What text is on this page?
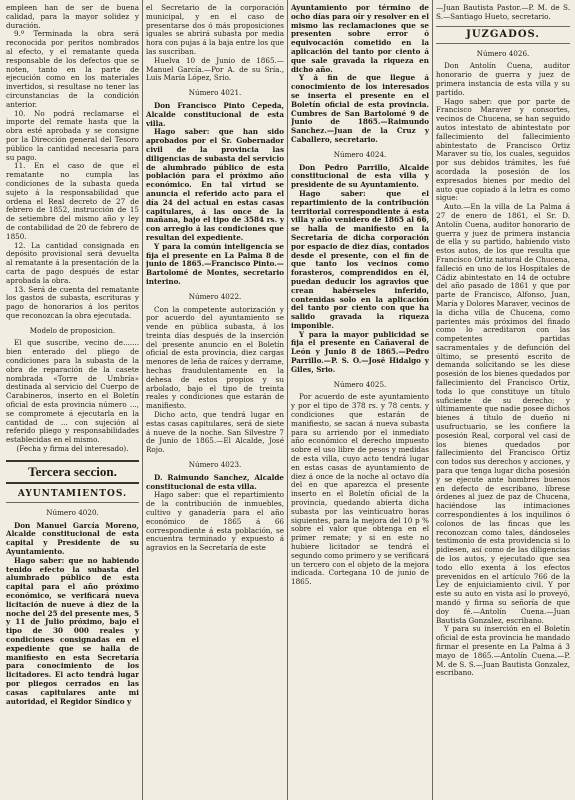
empleen han de ser de buena calidad, para la mayor solidez y duración.

9.º Terminada la obra será reconocida por peritos nombrados al efecto, y el rematante queda responsable de los defectos que se noten, tanto en la parte de ejecución como en los materiales invertidos, si resultase no tener las circunstancias de la condición anterior.

10. No podrá reclamarse el importe del remate hasta que la obra esté aprobada y se consigne por la Dirección general del Tesoro público la cantidad necesaria para su pago.

11. En el caso de que el rematante no cumpla las condiciones de la subasta queda sujeto á la responsabilidad que ordena el Real decreto de 27 de febrero de 1852, instrucción de 15 de setiembre del mismo año y ley de contabilidad de 20 de febrero de 1850.

12. La cantidad consignada en depósito provisional será devuelta al rematante á la presentación de la carta de pago después de estar aprobada la obra.

13. Será de cuenta del rematante los gastos de subasta, escrituras y pago de honorarios á los peritos que reconozcan la obra ejecutada.

Modelo de proposicion.

El que suscribe, vecino de....... bien enterado del pliego de condiciones para la subasta de la obra de reparación de la casete nombrada «Torre de Umbría» destinada al servicio del Cuerpo de Carabineros, inserto en el Boletín oficial de esta provincia número ..., se compromete á ejecutarla en la cantidad de ... con sujeción al referido pliego y responsabilidades establecidas en el mismo.

(Fecha y firma del interesado).

Tercera seccion.
AYUNTAMIENTOS.

Número 4020.

Don Manuel García Moreno, Alcalde constitucional de esta capital y Presidente de su Ayuntamiento.

Hago saber: que no habiendo tenido efecto la subasta del alumbrado público de esta capital para el año próximo económico, se verificará nueva licitación de nueve á diez de la noche del 25 del presente mes, 5 y 11 de Julio próximo, bajo el tipo de 30 000 reales y condiciones consignadas en el expediente que se halla de manifiesto en esta Secretaría para conocimiento de los licitadores. El acto tendrá lugar por pliegos cerrados en las casas capitulares ante mi autoridad, el Regidor Síndico y

el Secretario de la corporación municipal, y en el caso de presentarse dos ó más proposiciones iguales se abrirá subasta por media hora con pujas á la baja entre los que las suscriban.

Huelva 10 de Junio de 1865.—Manuel García.—Por A. de su Sría., Luis María López, Srio.

Número 4021.

Don Francisco Pinto Cepeda, Alcalde constitucional de esta villa.

Hago saber: que han sido aprobados por el Sr. Gobernador civil de la provincia las diligencias de subasta del servicio de alumbrado público de esta población para el próximo año económico. En tal virtud se anuncia el referido acto para el día 24 del actual en estas casas capitulares, á las once de la mañana, bajo el tipo de 3584 rs. y con arreglo á las condiciones que resultan del expediente.

Y para la común inteligencia se fija el presente en La Palma 8 de junio de 1865.—Francisco Pinto.—Bartolomé de Montes, secretario interino.

Número 4022.

Con la competente autorización y por acuerdo del ayuntamiento se vende en pública subasta, á los treinta días después de la inserción del presente anuncio en el Boletín oficial de esta provincia, diez cargas menores de leña de raíces y derrame, hechas fraudulentamente en la dehesa de estos propios y su arbolado, bajo el tipo de treinta reales y condiciones que estarán de manifiesto.

Dicho acto, que tendrá lugar en estas casas capitulares, será de siete á nueve de la noche. San Silvestre 7 de Junio de 1865.—El Alcalde, José Rojo.

Número 4023.

D. Raimundo Sanchez, Alcalde constitucional de esta villa.

Hago saber: que el repartimiento de la contribución de inmuebles, cultivo y ganadería para el año económico de 1865 á 66 correspondiente á esta población, se encuentra terminado y expuesto á agravios en la Secretaría de este

Ayuntamiento por término de ocho días para oír y resolver en el mismo las reclamaciones que se presenten sobre error ó equivocación cometido en la aplicación del tanto por ciento á que sale gravada la riqueza en dicho año.

Y á fin de que llegue á conocimiento de los interesados se inserta el presente en el Boletín oficial de esta provincia. Cumbres de San Bartolomé 9 de Junio de 1865.—Raimundo Sanchez.—Juan de la Cruz y Caballero, secretario.

Número 4024.

Don Pedro Parrillo, Alcalde constitucional de esta villa y presidente de su Ayuntamiento.

Hago saber: que el repartimiento de la contribución territorial correspondiente á esta villa y año venidero de 1865 al 66, se halla de manifiesto en la Secretaría de dicha corporación por espacio de diez días, contados desde el presente, con el fin de que tanto los vecinos como forasteros, comprendidos en él, puedan deducir los agravios que crean habérseles inferido, contenidas solo en la aplicación del tanto por ciento con que ha salido gravada la riqueza imponible.

Y para la mayor publicidad se fija el presente en Cañaveral de León y Junio 8 de 1865.—Pedro Parrillo.—P. S. O.—José Hidalgo y Giles, Srio.

Número 4025.

Por acuerdo de este ayuntamiento y por el tipo de 378 rs. y 78 cents. y condiciones que estarán de manifiesto, se sacan á nueva subasta para su arriendo por el inmediato año económico el derecho impuesto sobre el uso libre de pesos y medidas de esta villa, cuyo acto tendrá lugar en estas casas de ayuntamiento de diez á once de la noche al octavo día del en que aparezca el presente inserto en el Boletín oficial de la provincia, quedando abierta dicha subasta por las veinticuatro horas siguientes, para la mejora del 10 p % sobre el valor que obtenga en el primer remate; y si en este no hubiere licitador se tendrá el segundo como primero y se verificará un tercero con el objeto de la mejora indicada. Cortegana 10 de junio de 1865.

—Juan Bautista Pastor.—P. M. de S. S.—Santiago Hueto, secretario.

JUZGADOS.

Número 4026.

Don Antolín Cuena, auditor honorario de guerra y juez de primera instancia de esta villa y su partido.

Hago saber: que por parte de Francisco Maraver y consortes, vecinos de Chucena, se han seguido autos intestato de abintestato por fallecimiento del fallecimiento abintestato de Francisco Ortiz Maraver su tío, los cuales, seguidos por sus debidos trámites, les fué acordada la posesión de los expresados bienes por medio del auto que copiado á la letra es como sigue:

Auto.—En la villa de La Palma á 27 de enero de 1861, el Sr. D. Antolín Cuena, auditor honorario de guerra y juez de primera instancia de ella y su partido, habiendo visto estos autos, de los que resulta que Francisco Ortiz natural de Chucena, falleció en uno de los Hospitales de Cádiz abintestato en 14 de octubre del año pasado de 1861 y que por parte de Francisco, Alfonso, Juan, María y Dolores Maraver, vecinos de la dicha villa de Chucena, como parientes más próximos del finado como lo acreditaron con las competentes partidas sacramentales y de defunción del último, se presentó escrito de demanda solicitando se les diese posesión de los bienes quedados por fallecimiento del Francisco Ortiz, toda lo que constituye un título suficiente de su derecho; y últimamente que nadie posee dichos bienes á título de dueño ni usufructuario, se les confiere la posesión Real, corporal vel casi de los bienes quedados por fallecimiento del Francisco Ortiz con todos sus derechos y acciones, y para que tenga lugar dicha posesión y se ejecute ante hombres buenos en defecto de escribano, líbrese órdenes al juez de paz de Chucena, haciéndose las intimaciones correspondientes á los inquilinos ó colonos de las fincas que les reconozcan como tales, dándoseles testimonio de esta providencia si lo pidiesen, así como de las diligencias de los autos, y ejecutado que sea todo ello exenta á los efectos prevenidos en el artículo 766 de la Ley de enjuiciamiento civil. Y por este su auto en vista así lo proveyó, mandó y firma su señoría de que doy fé.—Antolín Cuena.—Juan Bautista Gonzalez, escribano.

Y para su inserción en el Boletín oficial de esta provincia he mandado firmar el presente en La Palma á 3 mayo de 1865.—Antolín Cuena.—P. M. de S. S.—Juan Bautista Gonzalez, escribano.
